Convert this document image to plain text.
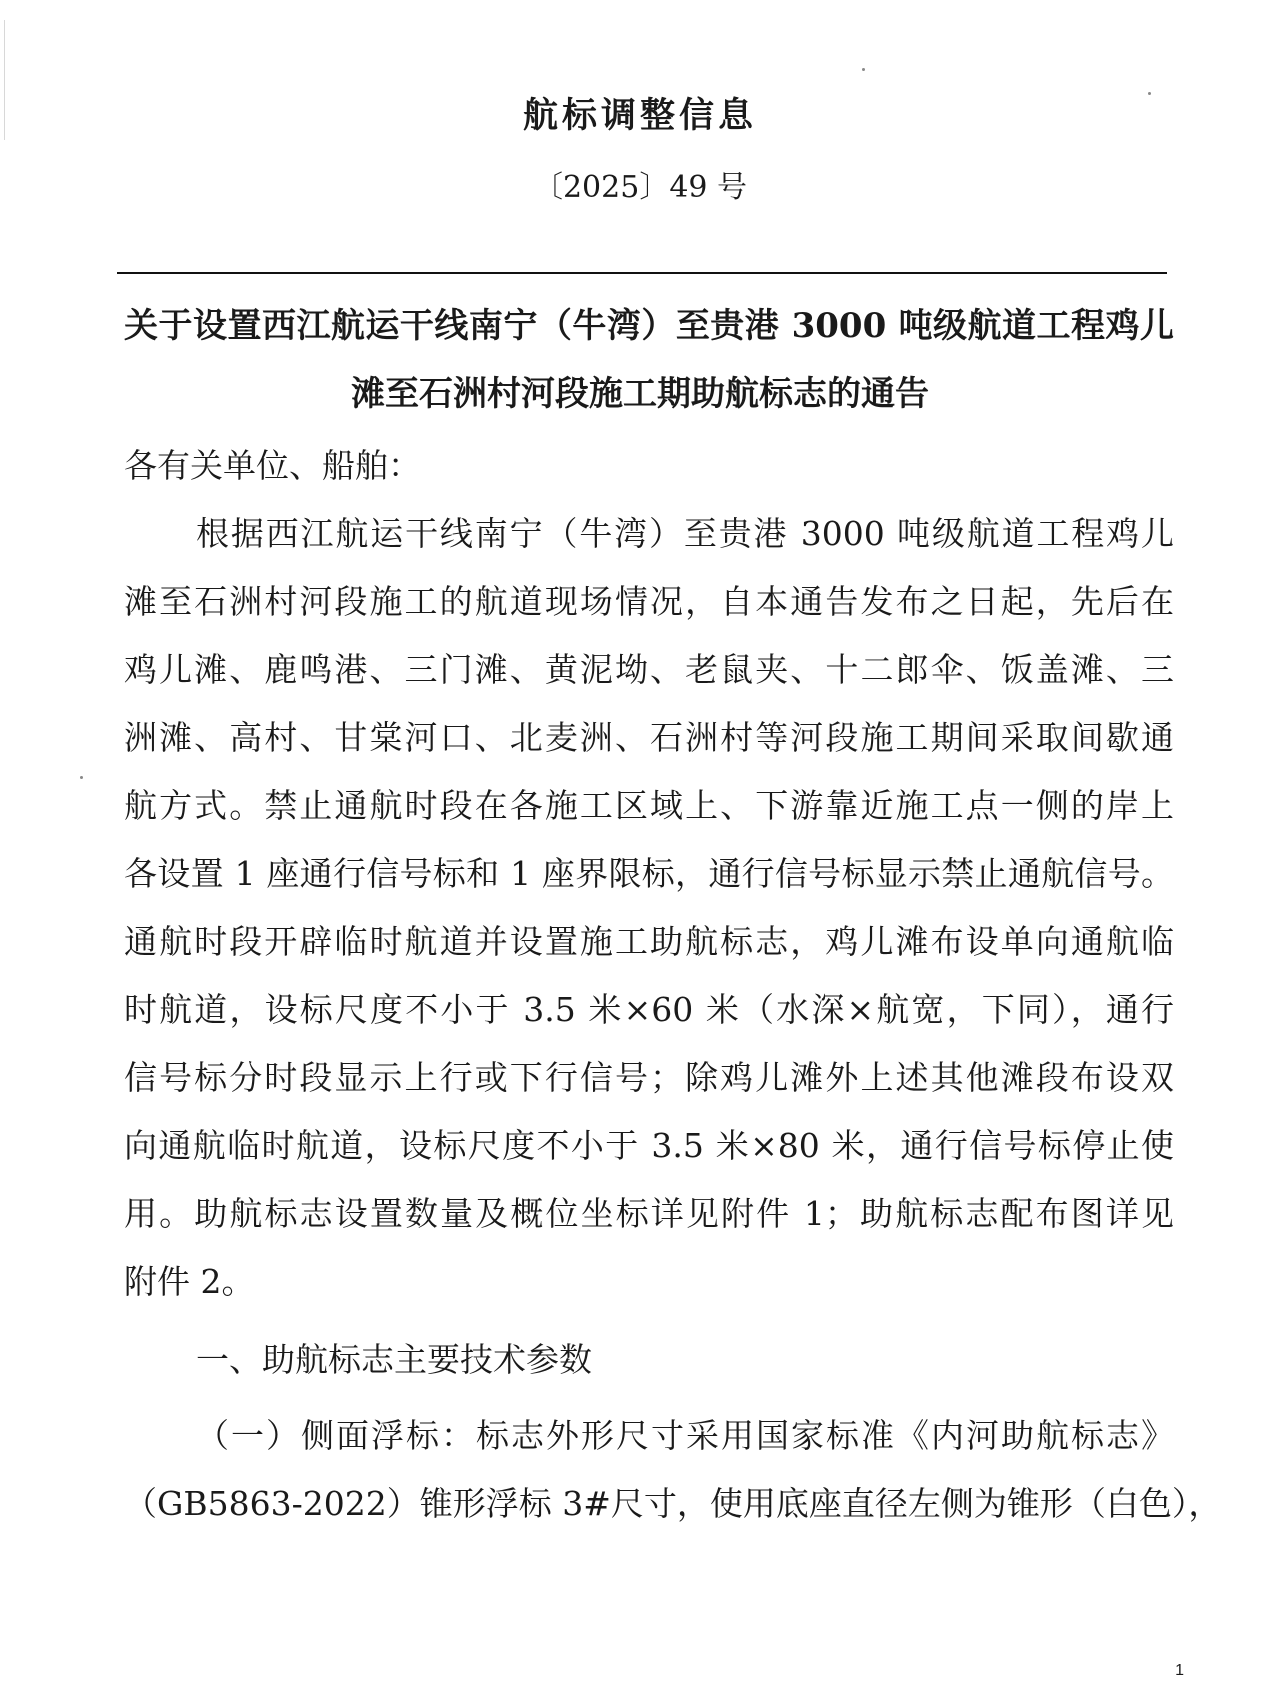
航标调整信息
〔2025〕49 号
关于设置西江航运干线南宁（牛湾）至贵港 3000 吨级航道工程鸡儿
滩至石洲村河段施工期助航标志的通告
各有关单位、船舶：
根据西江航运干线南宁（牛湾）至贵港 3000 吨级航道工程鸡儿
滩至石洲村河段施工的航道现场情况，自本通告发布之日起，先后在
鸡儿滩、鹿鸣港、三门滩、黄泥坳、老鼠夹、十二郎伞、饭盖滩、三
洲滩、高村、甘棠河口、北麦洲、石洲村等河段施工期间采取间歇通
航方式。禁止通航时段在各施工区域上、下游靠近施工点一侧的岸上
各设置 1 座通行信号标和 1 座界限标，通行信号标显示禁止通航信号。
通航时段开辟临时航道并设置施工助航标志，鸡儿滩布设单向通航临
时航道，设标尺度不小于 3.5 米×60 米（水深×航宽，下同），通行
信号标分时段显示上行或下行信号；除鸡儿滩外上述其他滩段布设双
向通航临时航道，设标尺度不小于 3.5 米×80 米，通行信号标停止使
用。助航标志设置数量及概位坐标详见附件 1；助航标志配布图详见
附件 2。
一、助航标志主要技术参数
（一）侧面浮标：标志外形尺寸采用国家标准《内河助航标志》
（GB5863-2022）锥形浮标 3#尺寸，使用底座直径左侧为锥形（白色），
1
